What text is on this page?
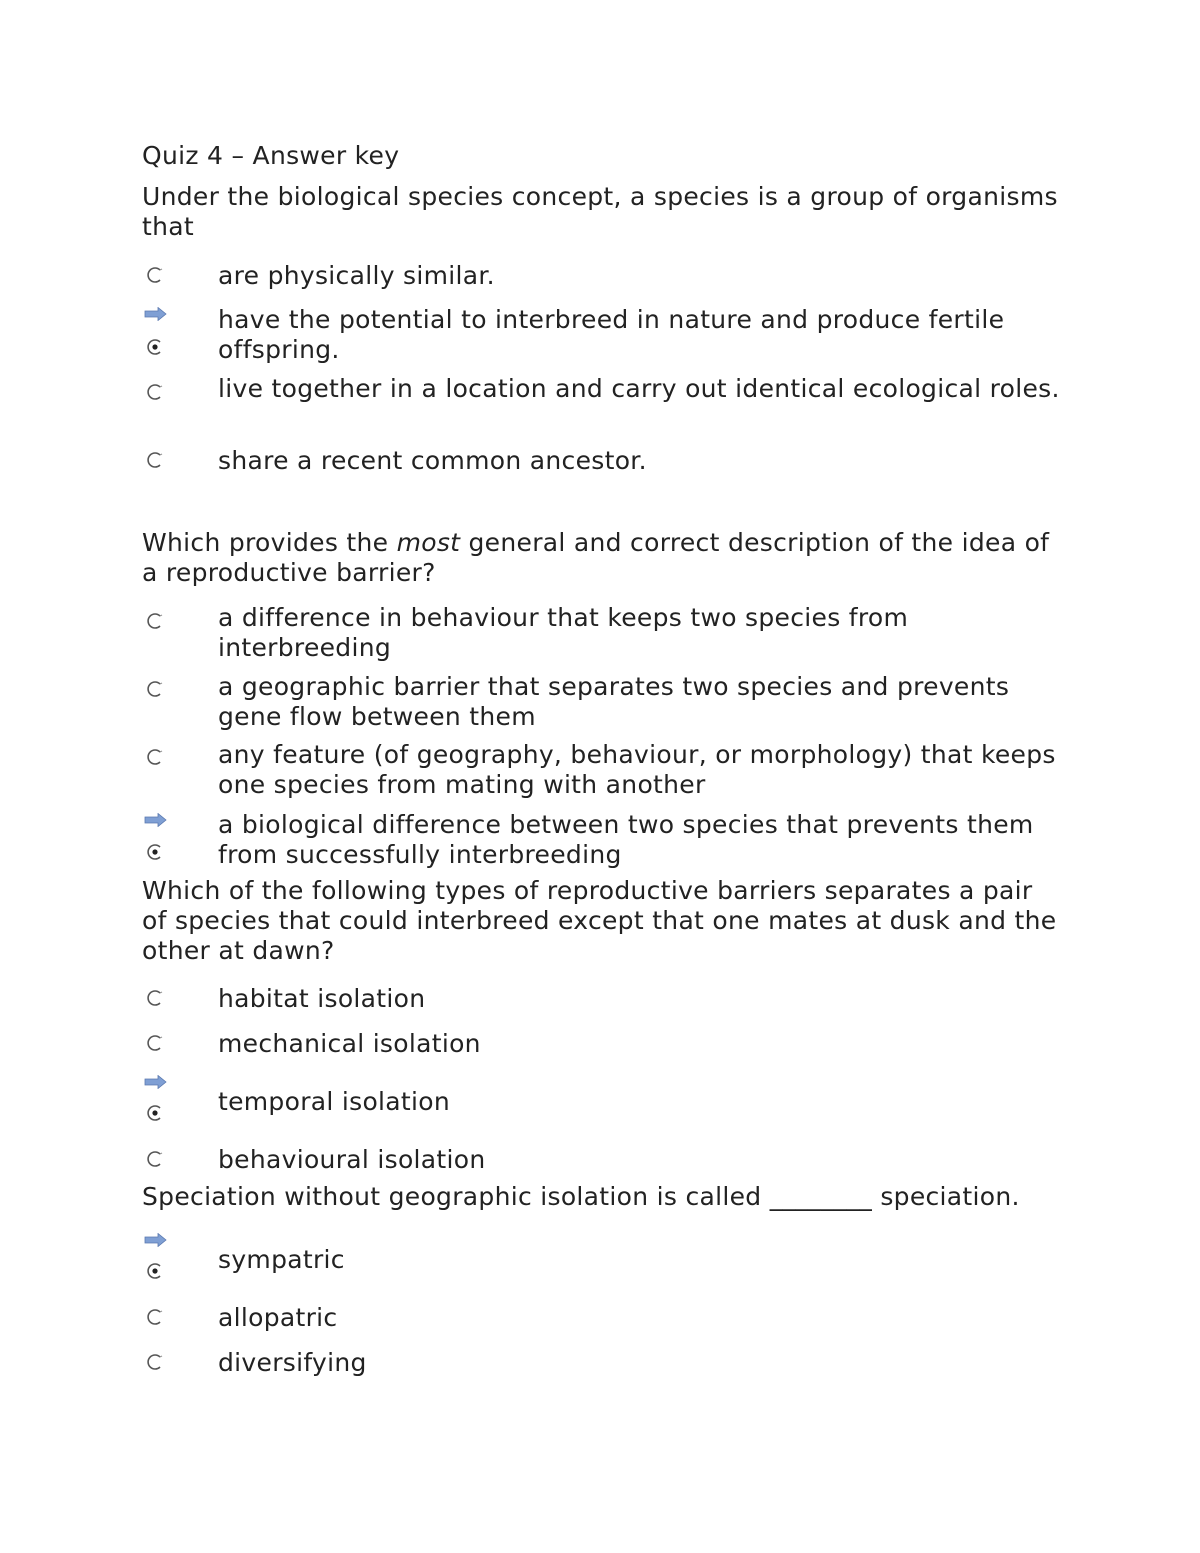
Quiz 4 – Answer key

Under the biological species concept, a species is a group of organisms that

are physically similar.
have the potential to interbreed in nature and produce fertile offspring.
live together in a location and carry out identical ecological roles.
share a recent common ancestor.

Which provides the most general and correct description of the idea of a reproductive barrier?

a difference in behaviour that keeps two species from interbreeding
a geographic barrier that separates two species and prevents gene flow between them
any feature (of geography, behaviour, or morphology) that keeps one species from mating with another
a biological difference between two species that prevents them from successfully interbreeding

Which of the following types of reproductive barriers separates a pair of species that could interbreed except that one mates at dusk and the other at dawn?

habitat isolation
mechanical isolation
temporal isolation
behavioural isolation

Speciation without geographic isolation is called ________ speciation.

sympatric
allopatric
diversifying
